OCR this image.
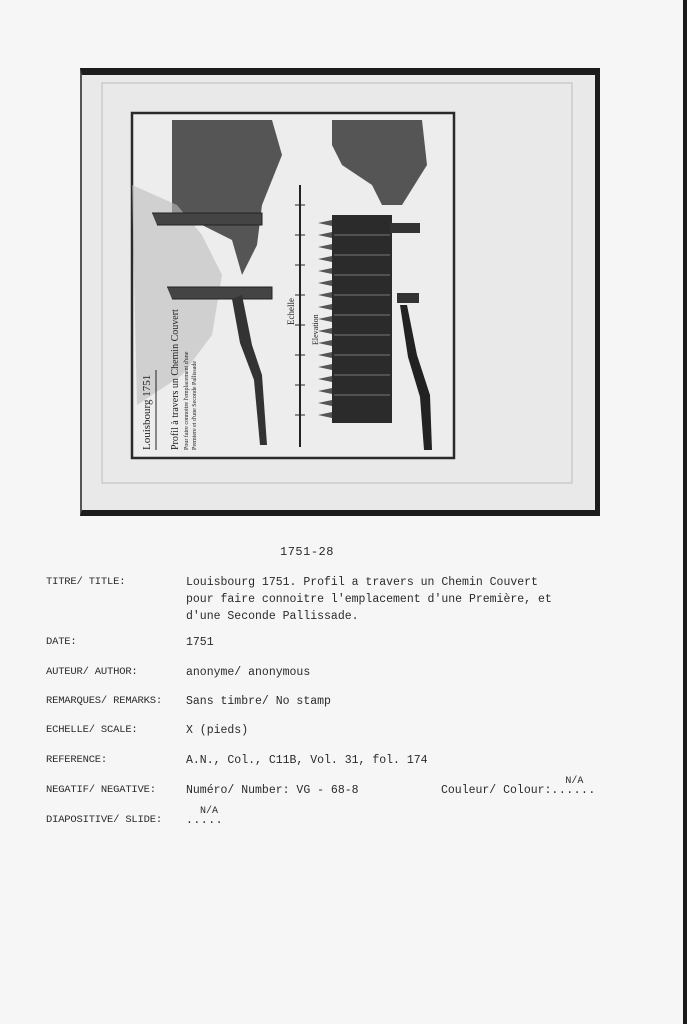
Louisbourg 1751 Profil à travers un Chemin Couvert Pour faire connoitre l'emplacement d'une Premiere et d'une Seconde Pallissade
Echelle
Elevation
1751-28
TITRE/ TITLE:	Louisbourg 1751. Profil a travers un Chemin Couvert
pour faire connoitre l'emplacement d'une Première, et
d'une Seconde Pallissade.
DATE:	1751
AUTEUR/ AUTHOR:	anonyme/ anonymous
REMARQUES/ REMARKS: Sans timbre/ No stamp
ECHELLE/ SCALE:	X (pieds)
REFERENCE:	A.N., Col., C11B, Vol. 31, fol. 174
NEGATIF/ NEGATIVE:	Numéro/ Number: VG - 68-8	Couleur/ Colour:
N/A
......
DIAPOSITIVE/ SLIDE:
N/A
.....
